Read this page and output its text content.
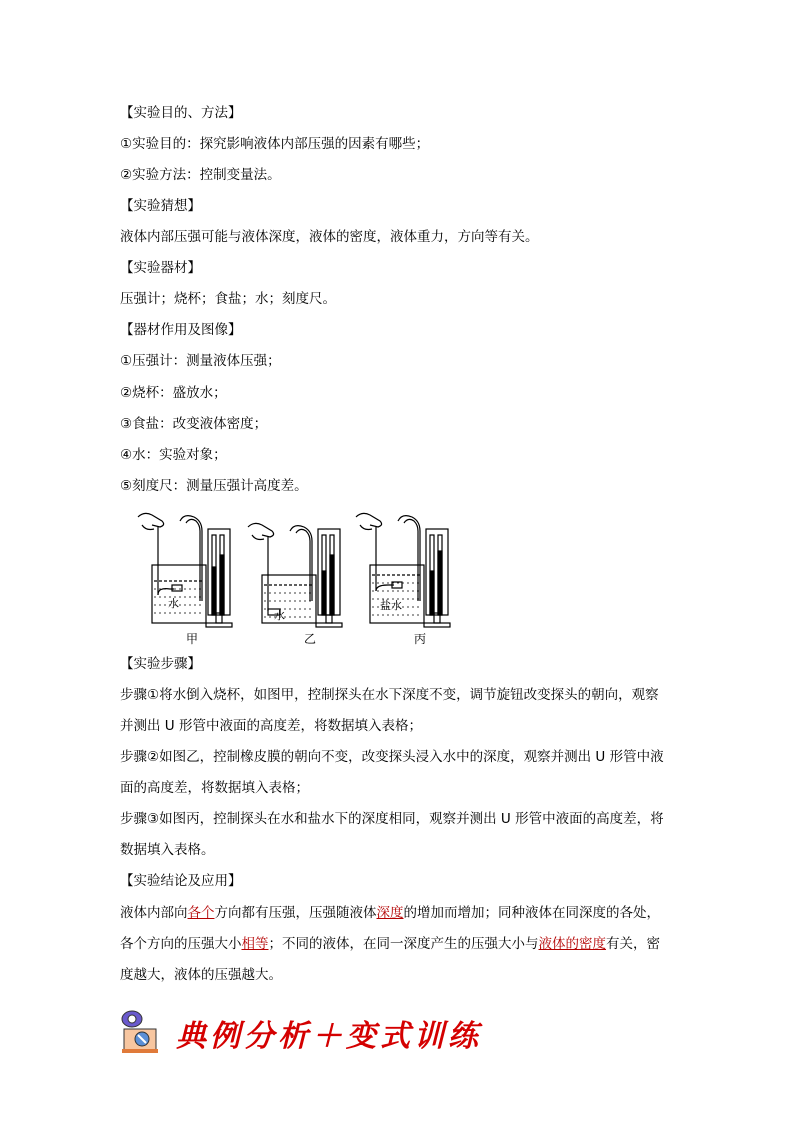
【实验目的、方法】
①实验目的：探究影响液体内部压强的因素有哪些；
②实验方法：控制变量法。
【实验猜想】
液体内部压强可能与液体深度，液体的密度，液体重力，方向等有关。
【实验器材】
压强计；烧杯；食盐；水；刻度尺。
【器材作用及图像】
①压强计：测量液体压强；
②烧杯：盛放水；
③食盐：改变液体密度；
④水：实验对象；
⑤刻度尺：测量压强计高度差。
水
水
盐水
甲	乙	丙
【实验步骤】
步骤①将水倒入烧杯，如图甲，控制探头在水下深度不变，调节旋钮改变探头的朝向，观察
并测出 U 形管中液面的高度差，将数据填入表格；
步骤②如图乙，控制橡皮膜的朝向不变，改变探头浸入水中的深度，观察并测出 U 形管中液
面的高度差，将数据填入表格；
步骤③如图丙，控制探头在水和盐水下的深度相同，观察并测出 U 形管中液面的高度差，将
数据填入表格。
【实验结论及应用】
液体内部向各个方向都有压强，压强随液体深度的增加而增加；同种液体在同深度的各处，
各个方向的压强大小相等；不同的液体，在同一深度产生的压强大小与液体的密度有关，密
度越大，液体的压强越大。
典例分析＋变式训练
